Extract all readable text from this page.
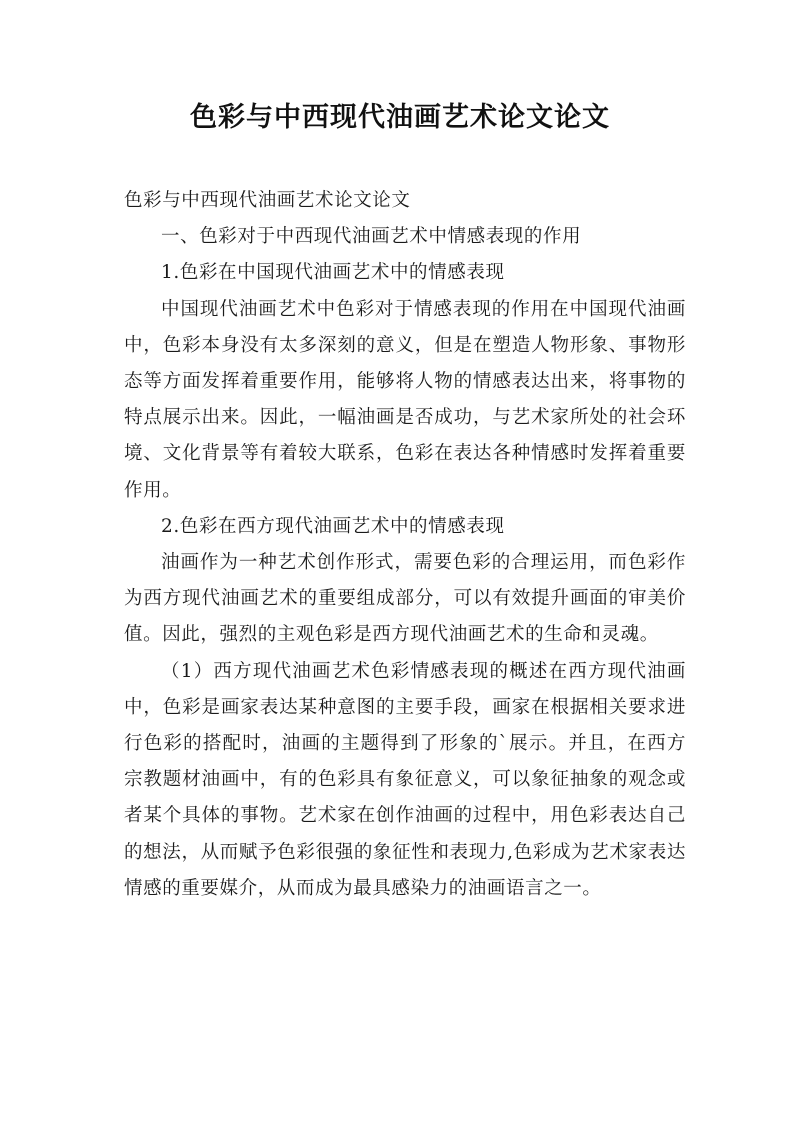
色彩与中西现代油画艺术论文论文

色彩与中西现代油画艺术论文论文

一、色彩对于中西现代油画艺术中情感表现的作用

1.色彩在中国现代油画艺术中的情感表现

中国现代油画艺术中色彩对于情感表现的作用在中国现代油画中，色彩本身没有太多深刻的意义，但是在塑造人物形象、事物形态等方面发挥着重要作用，能够将人物的情感表达出来，将事物的特点展示出来。因此，一幅油画是否成功，与艺术家所处的社会环境、文化背景等有着较大联系，色彩在表达各种情感时发挥着重要作用。

2.色彩在西方现代油画艺术中的情感表现

油画作为一种艺术创作形式，需要色彩的合理运用，而色彩作为西方现代油画艺术的重要组成部分，可以有效提升画面的审美价值。因此，强烈的主观色彩是西方现代油画艺术的生命和灵魂。

（1）西方现代油画艺术色彩情感表现的概述在西方现代油画中，色彩是画家表达某种意图的主要手段，画家在根据相关要求进行色彩的搭配时，油画的主题得到了形象的`展示。并且，在西方宗教题材油画中，有的色彩具有象征意义，可以象征抽象的观念或者某个具体的事物。艺术家在创作油画的过程中，用色彩表达自己的想法，从而赋予色彩很强的象征性和表现力,色彩成为艺术家表达情感的重要媒介，从而成为最具感染力的油画语言之一。
